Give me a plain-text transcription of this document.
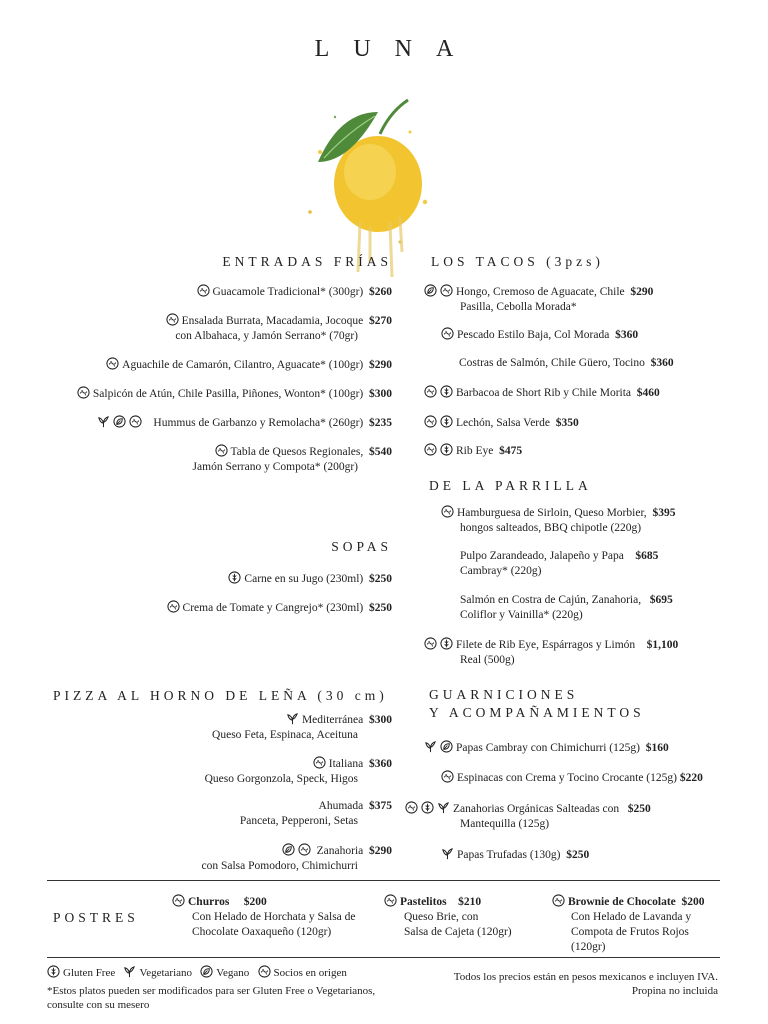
LUNA
ENTRADAS FRÍAS
Guacamole Tradicional* (300gr) $260
Ensalada Burrata, Macadamia, Jocoque $270
con Albahaca, y Jamón Serrano* (70gr)
Aguachile de Camarón, Cilantro, Aguacate* (100gr) $290
Salpicón de Atún, Chile Pasilla, Piñones, Wonton* (100gr) $300
Hummus de Garbanzo y Remolacha* (260gr) $235
Tabla de Quesos Regionales, $540
Jamón Serrano y Compota* (200gr)
SOPAS
Carne en su Jugo (230ml) $250
Crema de Tomate y Cangrejo* (230ml) $250
PIZZA AL HORNO DE LEÑA (30 cm)
Mediterránea $300
Queso Feta, Espinaca, Aceituna
Italiana $360
Queso Gorgonzola, Speck, Higos
Ahumada $375
Panceta, Pepperoni, Setas
Zanahoria $290
con Salsa Pomodoro, Chimichurri
LOS TACOS (3pzs)
Hongo, Cremoso de Aguacate, Chile $290
Pasilla, Cebolla Morada*
Pescado Estilo Baja, Col Morada $360
Costras de Salmón, Chile Güero, Tocino $360
Barbacoa de Short Rib y Chile Morita $460
Lechón, Salsa Verde $350
Rib Eye $475
DE LA PARRILLA
Hamburguesa de Sirloin, Queso Morbier, $395
hongos salteados, BBQ chipotle (220g)
Pulpo Zarandeado, Jalapeño y Papa $685
Cambray* (220g)
Salmón en Costra de Cajún, Zanahoria, $695
Coliflor y Vainilla* (220g)
Filete de Rib Eye, Espárragos y Limón $1,100
Real (500g)
GUARNICIONES
Y ACOMPAÑAMIENTOS
Papas Cambray con Chimichurri (125g) $160
Espinacas con Crema y Tocino Crocante (125g) $220
Zanahorias Orgánicas Salteadas con $250
Mantequilla (125g)
Papas Trufadas (130g) $250
POSTRES
Churros $200
Con Helado de Horchata y Salsa de
Chocolate Oaxaqueño (120gr)
Pastelitos $210
Queso Brie, con
Salsa de Cajeta (120gr)
Brownie de Chocolate $200
Con Helado de Lavanda y
Compota de Frutos Rojos
(120gr)
Gluten Free Vegetariano Vegano Socios en origen
*Estos platos pueden ser modificados para ser Gluten Free o Vegetarianos,
consulte con su mesero
Todos los precios están en pesos mexicanos e incluyen IVA.
Propina no incluida
